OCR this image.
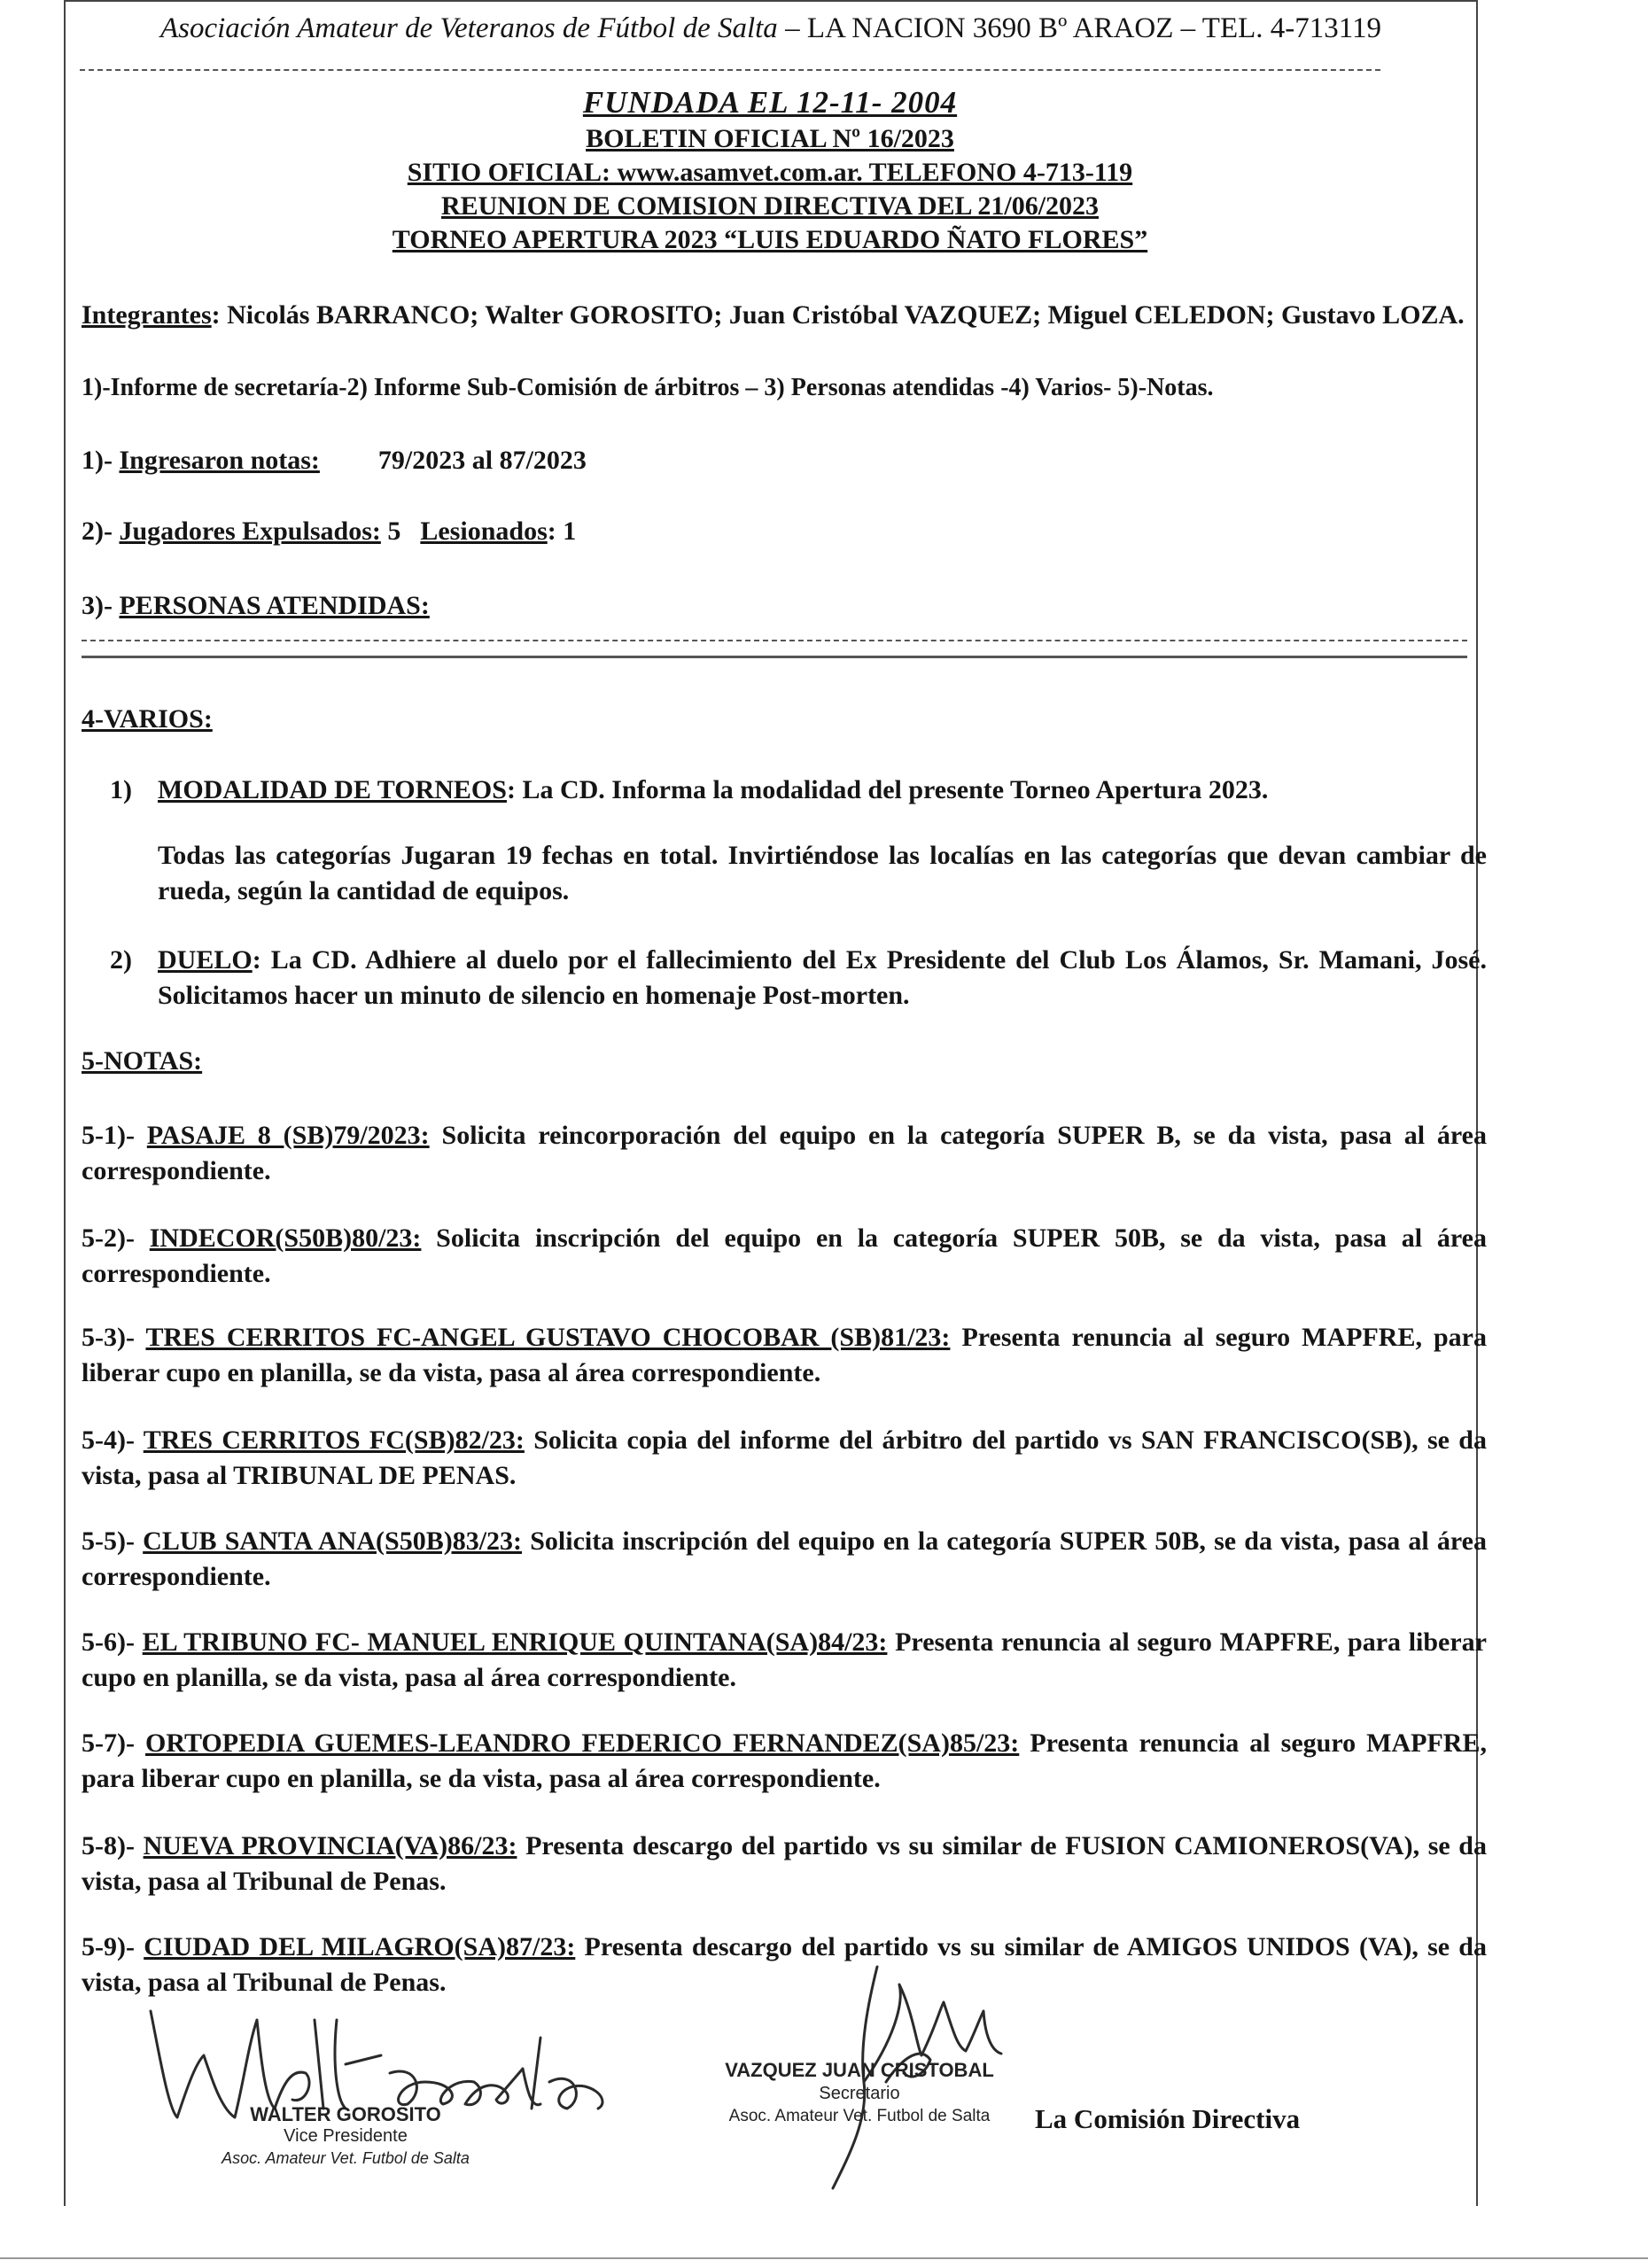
Asociación Amateur de Veteranos de Fútbol de Salta – LA NACION 3690 Bº ARAOZ – TEL. 4-713119
FUNDADA EL 12-11- 2004
BOLETIN OFICIAL Nº 16/2023
SITIO OFICIAL: www.asamvet.com.ar. TELEFONO 4-713-119
REUNION DE COMISION DIRECTIVA DEL 21/06/2023
TORNEO APERTURA 2023 “LUIS EDUARDO ÑATO FLORES”
Integrantes: Nicolás BARRANCO; Walter GOROSITO; Juan Cristóbal VAZQUEZ; Miguel CELEDON; Gustavo LOZA.
1)-Informe de secretaría-2) Informe Sub-Comisión de árbitros – 3) Personas atendidas -4) Varios- 5)-Notas.
1)- Ingresaron notas: 79/2023 al 87/2023
2)- Jugadores Expulsados: 5 Lesionados: 1
3)- PERSONAS ATENDIDAS:
4-VARIOS:
1) MODALIDAD DE TORNEOS: La CD. Informa la modalidad del presente Torneo Apertura 2023.
Todas las categorías Jugaran 19 fechas en total. Invirtiéndose las localías en las categorías que devan cambiar de rueda, según la cantidad de equipos.
2) DUELO: La CD. Adhiere al duelo por el fallecimiento del Ex Presidente del Club Los Álamos, Sr. Mamani, José. Solicitamos hacer un minuto de silencio en homenaje Post-morten.
5-NOTAS:
5-1)- PASAJE 8 (SB)79/2023: Solicita reincorporación del equipo en la categoría SUPER B, se da vista, pasa al área correspondiente.
5-2)- INDECOR(S50B)80/23: Solicita inscripción del equipo en la categoría SUPER 50B, se da vista, pasa al área correspondiente.
5-3)- TRES CERRITOS FC-ANGEL GUSTAVO CHOCOBAR (SB)81/23: Presenta renuncia al seguro MAPFRE, para liberar cupo en planilla, se da vista, pasa al área correspondiente.
5-4)- TRES CERRITOS FC(SB)82/23: Solicita copia del informe del árbitro del partido vs SAN FRANCISCO(SB), se da vista, pasa al TRIBUNAL DE PENAS.
5-5)- CLUB SANTA ANA(S50B)83/23: Solicita inscripción del equipo en la categoría SUPER 50B, se da vista, pasa al área correspondiente.
5-6)- EL TRIBUNO FC- MANUEL ENRIQUE QUINTANA(SA)84/23: Presenta renuncia al seguro MAPFRE, para liberar cupo en planilla, se da vista, pasa al área correspondiente.
5-7)- ORTOPEDIA GUEMES-LEANDRO FEDERICO FERNANDEZ(SA)85/23: Presenta renuncia al seguro MAPFRE, para liberar cupo en planilla, se da vista, pasa al área correspondiente.
5-8)- NUEVA PROVINCIA(VA)86/23: Presenta descargo del partido vs su similar de FUSION CAMIONEROS(VA), se da vista, pasa al Tribunal de Penas.
5-9)- CIUDAD DEL MILAGRO(SA)87/23: Presenta descargo del partido vs su similar de AMIGOS UNIDOS (VA), se da vista, pasa al Tribunal de Penas.
WALTER GOROSITO
Vice Presidente
Asoc. Amateur Vet. Futbol de Salta
VAZQUEZ JUAN CRISTOBAL
Secretario
Asoc. Amateur Vet. Futbol de Salta	La Comisión Directiva
